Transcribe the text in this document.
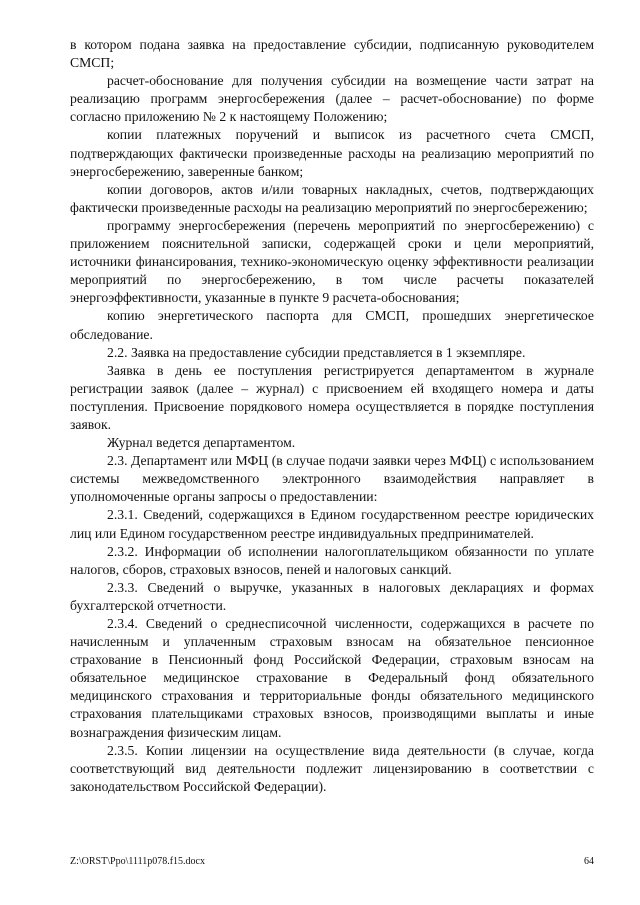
в котором подана заявка на предоставление субсидии, подписанную руководителем СМСП;

расчет-обоснование для получения субсидии на возмещение части затрат на реализацию программ энергосбережения (далее – расчет-обоснование) по форме согласно приложению № 2 к настоящему Положению;

копии платежных поручений и выписок из расчетного счета СМСП, подтверждающих фактически произведенные расходы на реализацию мероприятий по энергосбережению, заверенные банком;

копии договоров, актов и/или товарных накладных, счетов, подтверждающих фактически произведенные расходы на реализацию мероприятий по энергосбережению;

программу энергосбережения (перечень мероприятий по энергосбережению) с приложением пояснительной записки, содержащей сроки и цели мероприятий, источники финансирования, технико-экономическую оценку эффективности реализации мероприятий по энергосбережению, в том числе расчеты показателей энергоэффективности, указанные в пункте 9 расчета-обоснования;

копию энергетического паспорта для СМСП, прошедших энергетическое обследование.

2.2. Заявка на предоставление субсидии представляется в 1 экземпляре.

Заявка в день ее поступления регистрируется департаментом в журнале регистрации заявок (далее – журнал) с присвоением ей входящего номера и даты поступления. Присвоение порядкового номера осуществляется в порядке поступления заявок.

Журнал ведется департаментом.

2.3. Департамент или МФЦ (в случае подачи заявки через МФЦ) с использованием системы межведомственного электронного взаимодействия направляет в уполномоченные органы запросы о предоставлении:

2.3.1. Сведений, содержащихся в Едином государственном реестре юридических лиц или Едином государственном реестре индивидуальных предпринимателей.

2.3.2. Информации об исполнении налогоплательщиком обязанности по уплате налогов, сборов, страховых взносов, пеней и налоговых санкций.

2.3.3. Сведений о выручке, указанных в налоговых декларациях и формах бухгалтерской отчетности.

2.3.4. Сведений о среднесписочной численности, содержащихся в расчете по начисленным и уплаченным страховым взносам на обязательное пенсионное страхование в Пенсионный фонд Российской Федерации, страховым взносам на обязательное медицинское страхование в Федеральный фонд обязательного медицинского страхования и территориальные фонды обязательного медицинского страхования плательщиками страховых взносов, производящими выплаты и иные вознаграждения физическим лицам.

2.3.5. Копии лицензии на осуществление вида деятельности (в случае, когда соответствующий вид деятельности подлежит лицензированию в соответствии с законодательством Российской Федерации).

Z:\ORST\Ppo\1111p078.f15.docx	64
